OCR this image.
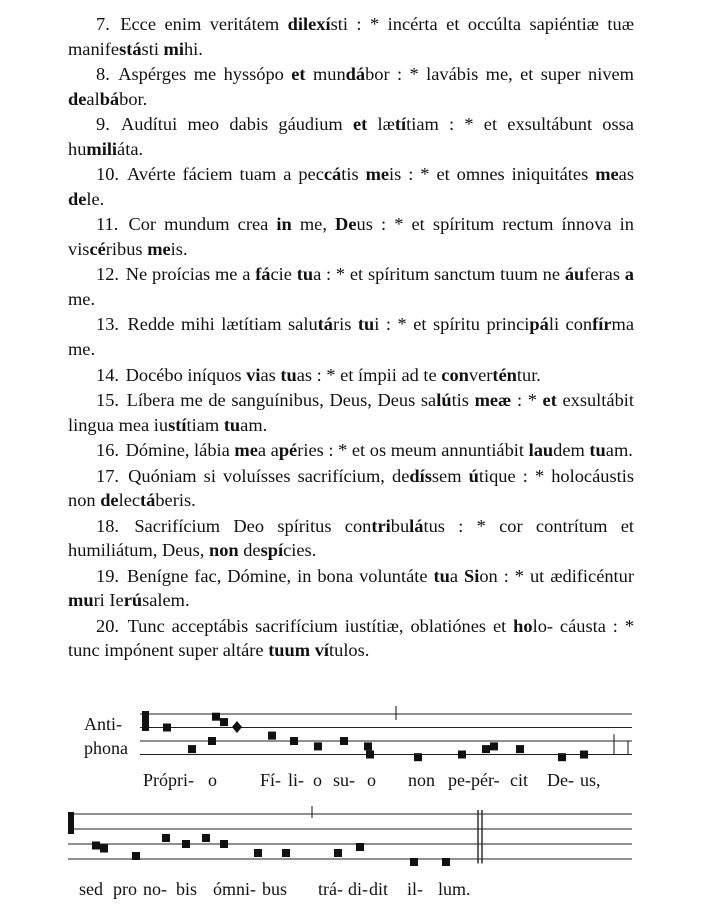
7. Ecce enim veritátem dilexísti : * incérta et occúlta sapiéntiæ tuæ manifestásti mihi.

8. Aspérges me hyssópo et mundábor : * lavábis me, et super nivem dealbábor.

9. Audítui meo dabis gáudium et lætítiam : * et exsultábunt ossa humiliáta.

10. Avérte fáciem tuam a peccátis meis : * et omnes iniquitátes meas dele.

11. Cor mundum crea in me, Deus : * et spíritum rectum ínnova in viscéribus meis.

12. Ne proícias me a fácie tua : * et spíritum sanctum tuum ne áuferas a me.

13. Redde mihi lætítiam salutáris tui : * et spíritu principáli confírma me.

14. Docébo iníquos vias tuas : * et ímpii ad te converténtur.

15. Líbera me de sanguínibus, Deus, Deus salútis meæ : * et exsultábit lingua mea iustítiam tuam.

16. Dómine, lábia mea apéries : * et os meum annuntiábit laudem tuam.

17. Quóniam si voluísses sacrifícium, dedíssem útique : * holocáustis non delectáberis.

18. Sacrifícium Deo spíritus contribulátus : * cor contrítum et humiliátum, Deus, non despícies.

19. Benígne fac, Dómine, in bona voluntáte tua Sion : * ut ædificéntur muri Ierúsalem.

20. Tunc acceptábis sacrifícium iustítiæ, oblatiónes et holo- cáusta : * tunc impónent super altáre tuum vítulos.

Anti-
phona
Própri- o Fí- li- o su- o non pe- pér- cit De- us,
sed pro no- bis ómni- bus trá- di- dit il- lum.
